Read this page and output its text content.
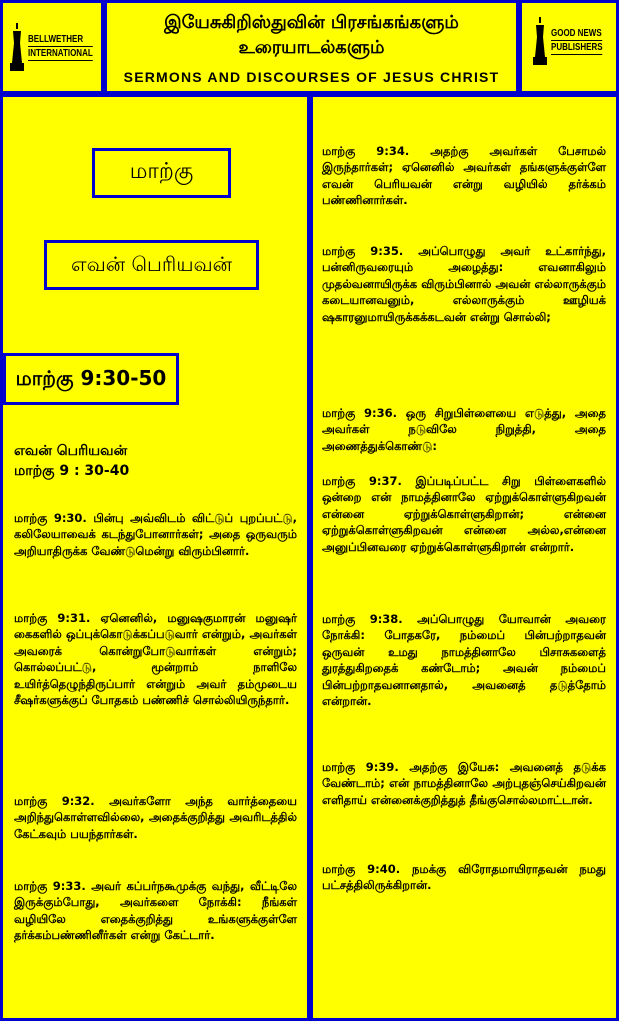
BELLWETHER
INTERNATIONAL
இயேசுகிறிஸ்துவின் பிரசங்கங்களும்
உரையாடல்களும்
SERMONS AND DISCOURSES OF JESUS CHRIST
GOOD NEWS
PUBLISHERS
மாற்கு
எவன் பெரியவன்
மாற்கு 9:30-50
எவன் பெரியவன்
மாற்கு 9 : 30-40

மாற்கு 9:30. பின்பு அவ்விடம் விட்டுப் புறப்பட்டு, கலிலேயாவைக் கடந்துபோனார்கள்; அதை ஒருவரும் அறியாதிருக்க வேண்டுமென்று விரும்பினார்.

மாற்கு 9:31. ஏனெனில், மனுஷகுமாரன் மனுஷர் கைகளில் ஒப்புக்கொடுக்கப்படுவார் என்றும், அவர்கள் அவரைக் கொன்றுபோடுவார்கள் என்றும்; கொல்லப்பட்டு, மூன்றாம் நாளிலே உயிர்த்தெழுந்திருப்பார் என்றும் அவர் தம்முடைய சீஷர்களுக்குப் போதகம் பண்ணிச் சொல்லியிருந்தார்.

மாற்கு 9:32. அவர்களோ அந்த வார்த்தையை அறிந்துகொள்ளவில்லை, அதைக்குறித்து அவரிடத்தில் கேட்கவும் பயந்தார்கள்.

மாற்கு 9:33. அவர் கப்பர்நகூமுக்கு வந்து, வீட்டிலே இருக்கும்போது, அவர்களை நோக்கி: நீங்கள் வழியிலே எதைக்குறித்து உங்களுக்குள்ளே தர்க்கம்பண்ணினீர்கள் என்று கேட்டார்.

மாற்கு 9:34. அதற்கு அவர்கள் பேசாமல் இருந்தார்கள்; ஏனெனில் அவர்கள் தங்களுக்குள்ளே எவன் பெரியவன் என்று வழியில் தர்க்கம் பண்ணினார்கள்.

மாற்கு 9:35. அப்பொழுது அவர் உட்கார்ந்து, பன்னிருவரையும் அழைத்து: எவனாகிலும் முதல்வனாயிருக்க விரும்பினால் அவன் எல்லாருக்கும் கடையானவனும், எல்லாருக்கும் ஊழியக் ஷகாரனுமாயிருக்கக்கடவன் என்று சொல்லி;

மாற்கு 9:36. ஒரு சிறுபிள்ளையை எடுத்து, அதை அவர்கள் நடுவிலே நிறுத்தி, அதை அணைத்துக்கொண்டு:

மாற்கு 9:37. இப்படிப்பட்ட சிறு பிள்ளைகளில் ஒன்றை என் நாமத்தினாலே ஏற்றுக்கொள்ளுகிறவன் என்னை ஏற்றுக்கொள்ளுகிறான்; என்னை ஏற்றுக்கொள்ளுகிறவன் என்னை அல்ல,என்னை அனுப்பினவரை ஏற்றுக்கொள்ளுகிறான் என்றார்.

மாற்கு 9:38. அப்பொழுது யோவான் அவரை நோக்கி: போதகரே, நம்மைப் பின்பற்றாதவன் ஒருவன் உமது நாமத்தினாலே பிசாசுகளைத் துரத்துகிறதைக் கண்டோம்; அவன் நம்மைப் பின்பற்றாதவனானதால், அவனைத் தடுத்தோம் என்றான்.

மாற்கு 9:39. அதற்கு இயேசு: அவனைத் தடுக்க வேண்டாம்; என் நாமத்தினாலே அற்புதஞ்செய்கிறவன் எளிதாய் என்னைக்குறித்துத் தீங்குசொல்லமாட்டான்.

மாற்கு 9:40. நமக்கு விரோதமாயிராதவன் நமது பட்சத்திலிருக்கிறான்.
